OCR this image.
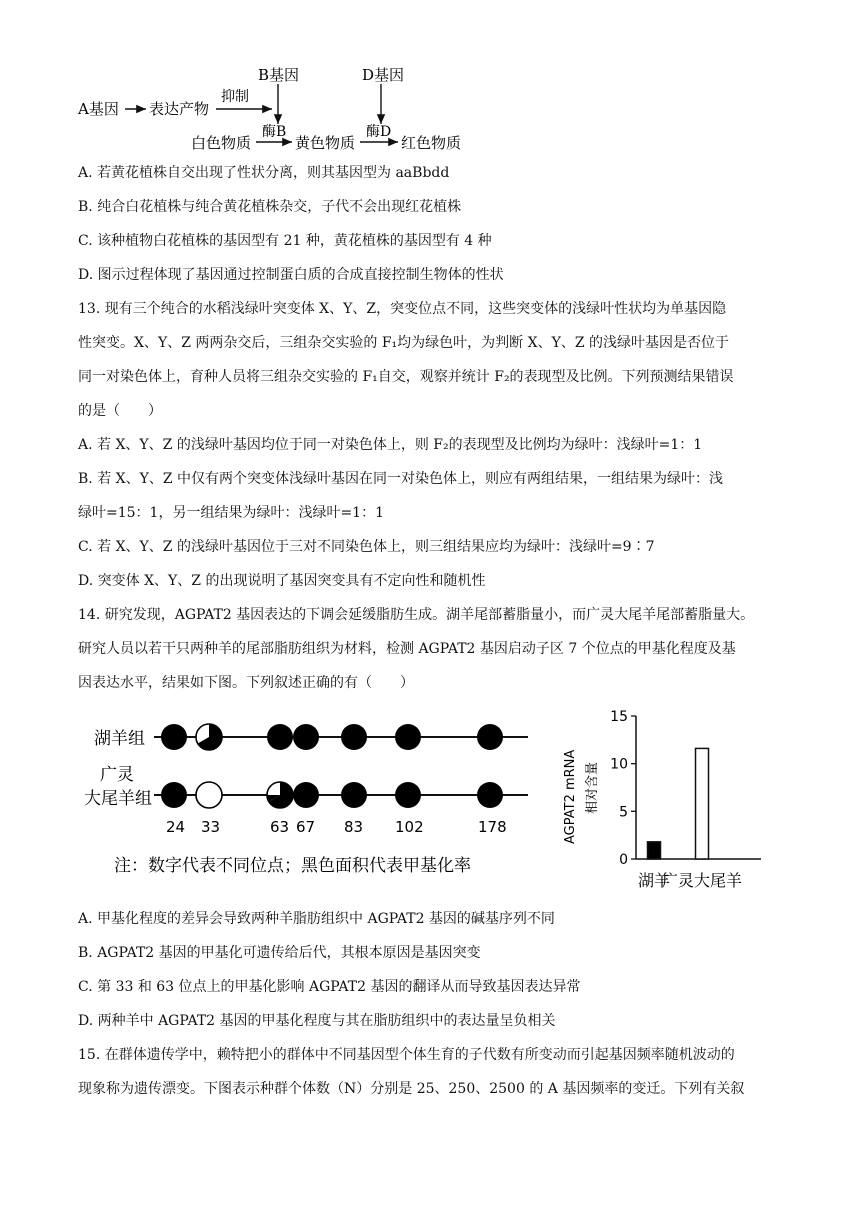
A基因 表达产物
抑制
B基因	D基因
白色物质
酶B
黄色物质
酶D
红色物质
A. 若黄花植株自交出现了性状分离，则其基因型为 aaBbdd
B. 纯合白花植株与纯合黄花植株杂交，子代不会出现红花植株
C. 该种植物白花植株的基因型有 21 种，黄花植株的基因型有 4 种
D. 图示过程体现了基因通过控制蛋白质的合成直接控制生物体的性状
13. 现有三个纯合的水稻浅绿叶突变体 X、Y、Z，突变位点不同，这些突变体的浅绿叶性状均为单基因隐
性突变。X、Y、Z 两两杂交后，三组杂交实验的 F₁均为绿色叶，为判断 X、Y、Z 的浅绿叶基因是否位于
同一对染色体上，育种人员将三组杂交实验的 F₁自交，观察并统计 F₂的表现型及比例。下列预测结果错误
的是（　　）
A. 若 X、Y、Z 的浅绿叶基因均位于同一对染色体上，则 F₂的表现型及比例均为绿叶：浅绿叶=1：1
B. 若 X、Y、Z 中仅有两个突变体浅绿叶基因在同一对染色体上，则应有两组结果，一组结果为绿叶：浅
绿叶=15：1，另一组结果为绿叶：浅绿叶=1：1
C. 若 X、Y、Z 的浅绿叶基因位于三对不同染色体上，则三组结果应均为绿叶：浅绿叶=9∶7
D. 突变体 X、Y、Z 的出现说明了基因突变具有不定向性和随机性
14. 研究发现，AGPAT2 基因表达的下调会延缓脂肪生成。湖羊尾部蓄脂量小，而广灵大尾羊尾部蓄脂量大。
研究人员以若干只两种羊的尾部脂肪组织为材料，检测 AGPAT2 基因启动子区 7 个位点的甲基化程度及基
因表达水平，结果如下图。下列叙述正确的有（　　）
湖羊组
广灵
大尾羊组
24 33	63 67 83 102	178
注：数字代表不同位点；黑色面积代表甲基化率
AGPAT2 mRNA 相对含量
0
5
10
15
湖羊
广灵大尾羊
A. 甲基化程度的差异会导致两种羊脂肪组织中 AGPAT2 基因的碱基序列不同
B. AGPAT2 基因的甲基化可遗传给后代，其根本原因是基因突变
C. 第 33 和 63 位点上的甲基化影响 AGPAT2 基因的翻译从而导致基因表达异常
D. 两种羊中 AGPAT2 基因的甲基化程度与其在脂肪组织中的表达量呈负相关
15. 在群体遗传学中，赖特把小的群体中不同基因型个体生育的子代数有所变动而引起基因频率随机波动的
现象称为遗传漂变。下图表示种群个体数（N）分别是 25、250、2500 的 A 基因频率的变迁。下列有关叙
